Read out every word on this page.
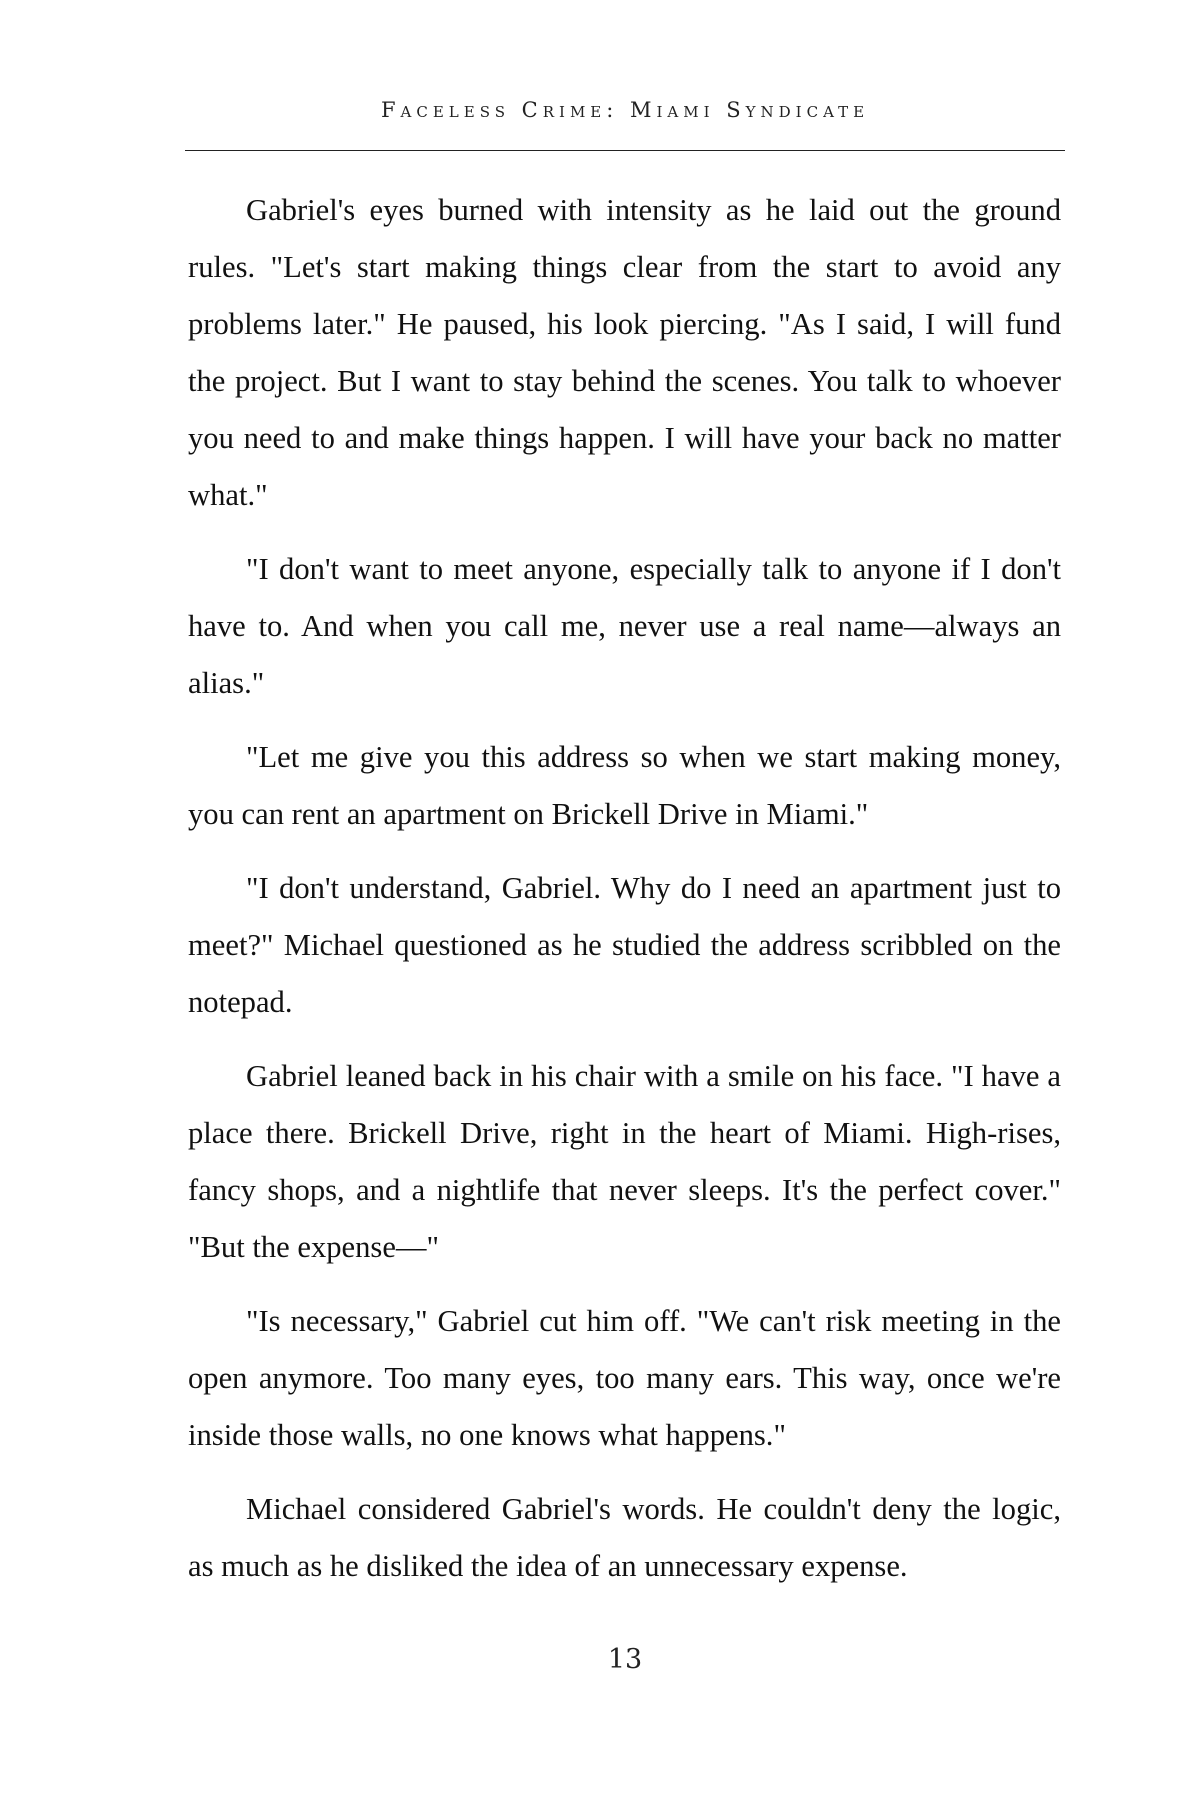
Faceless Crime: Miami Syndicate

Gabriel's eyes burned with intensity as he laid out the ground rules. "Let's start making things clear from the start to avoid any problems later." He paused, his look piercing. "As I said, I will fund the project. But I want to stay behind the scenes. You talk to whoever you need to and make things happen. I will have your back no matter what."

"I don't want to meet anyone, especially talk to anyone if I don't have to. And when you call me, never use a real name—always an alias."

"Let me give you this address so when we start making money, you can rent an apartment on Brickell Drive in Miami."

"I don't understand, Gabriel. Why do I need an apartment just to meet?" Michael questioned as he studied the address scribbled on the notepad.

Gabriel leaned back in his chair with a smile on his face. "I have a place there. Brickell Drive, right in the heart of Miami. High-rises, fancy shops, and a nightlife that never sleeps. It's the perfect cover." "But the expense—"

"Is necessary," Gabriel cut him off. "We can't risk meeting in the open anymore. Too many eyes, too many ears. This way, once we're inside those walls, no one knows what happens."

Michael considered Gabriel's words. He couldn't deny the logic, as much as he disliked the idea of an unnecessary expense.

13
